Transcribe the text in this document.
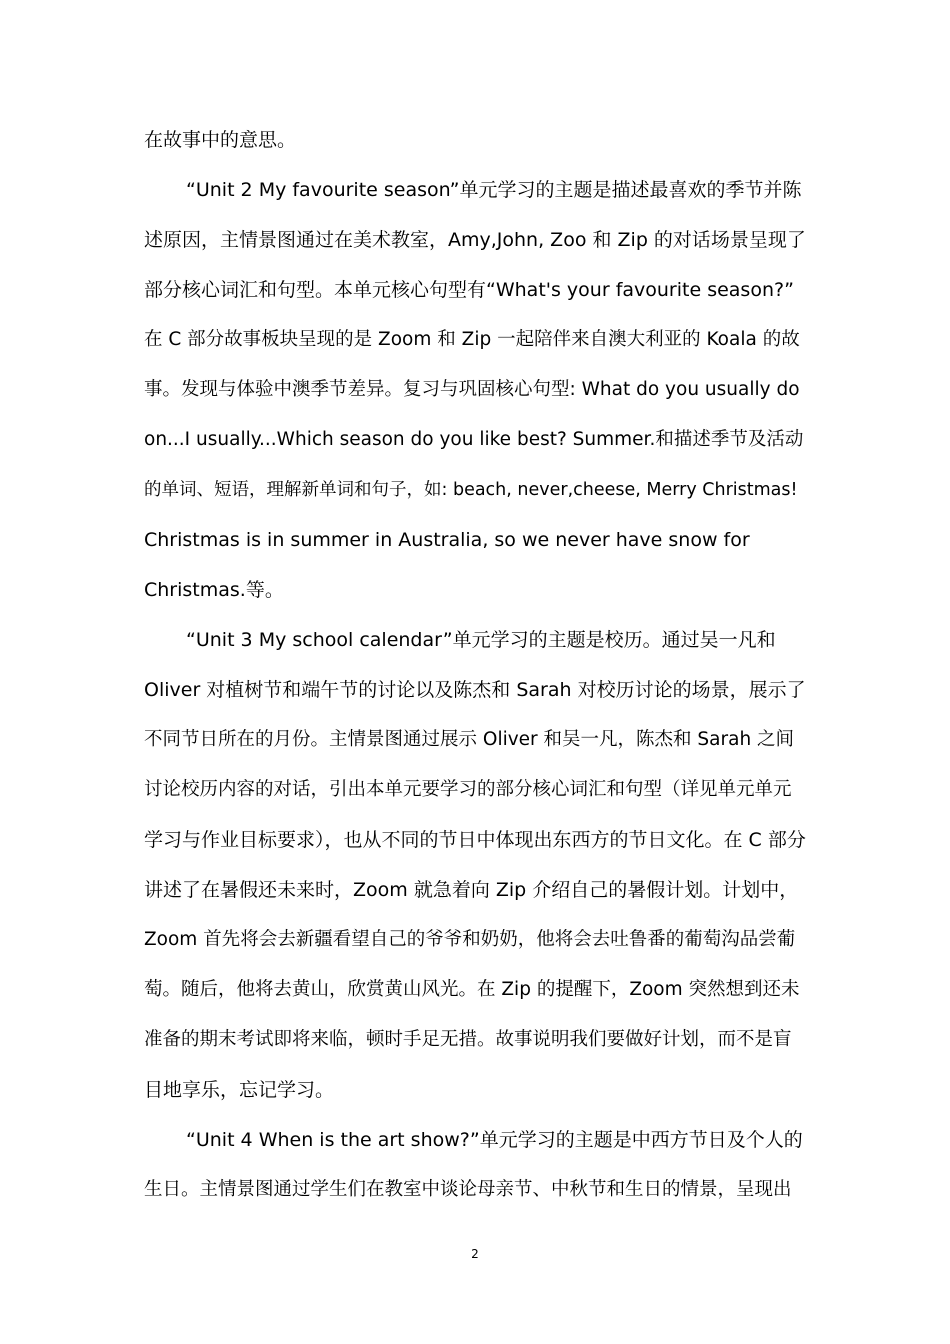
在故事中的意思。
“Unit 2 My favourite season”单元学习的主题是描述最喜欢的季节并陈
述原因，主情景图通过在美术教室，Amy,John, Zoo 和 Zip 的对话场景呈现了
部分核心词汇和句型。本单元核心句型有“What's your favourite season?”
在 C 部分故事板块呈现的是 Zoom 和 Zip 一起陪伴来自澳大利亚的 Koala 的故
事。发现与体验中澳季节差异。复习与巩固核心句型: What do you usually do
on...I usually...Which season do you like best? Summer.和描述季节及活动
的单词、短语，理解新单词和句子，如: beach, never,cheese, Merry Christmas!
Christmas is in summer in Australia, so we never have snow for
Christmas.等。
“Unit 3 My school calendar”单元学习的主题是校历。通过吴一凡和
Oliver 对植树节和端午节的讨论以及陈杰和 Sarah 对校历讨论的场景，展示了
不同节日所在的月份。主情景图通过展示 Oliver 和吴一凡，陈杰和 Sarah 之间
讨论校历内容的对话，引出本单元要学习的部分核心词汇和句型（详见单元单元
学习与作业目标要求），也从不同的节日中体现出东西方的节日文化。在 C 部分
讲述了在暑假还未来时，Zoom 就急着向 Zip 介绍自己的暑假计划。计划中，
Zoom 首先将会去新疆看望自己的爷爷和奶奶，他将会去吐鲁番的葡萄沟品尝葡
萄。随后，他将去黄山，欣赏黄山风光。在 Zip 的提醒下，Zoom 突然想到还未
准备的期末考试即将来临，顿时手足无措。故事说明我们要做好计划，而不是盲
目地享乐，忘记学习。
“Unit 4 When is the art show?”单元学习的主题是中西方节日及个人的
生日。主情景图通过学生们在教室中谈论母亲节、中秋节和生日的情景，呈现出
2
